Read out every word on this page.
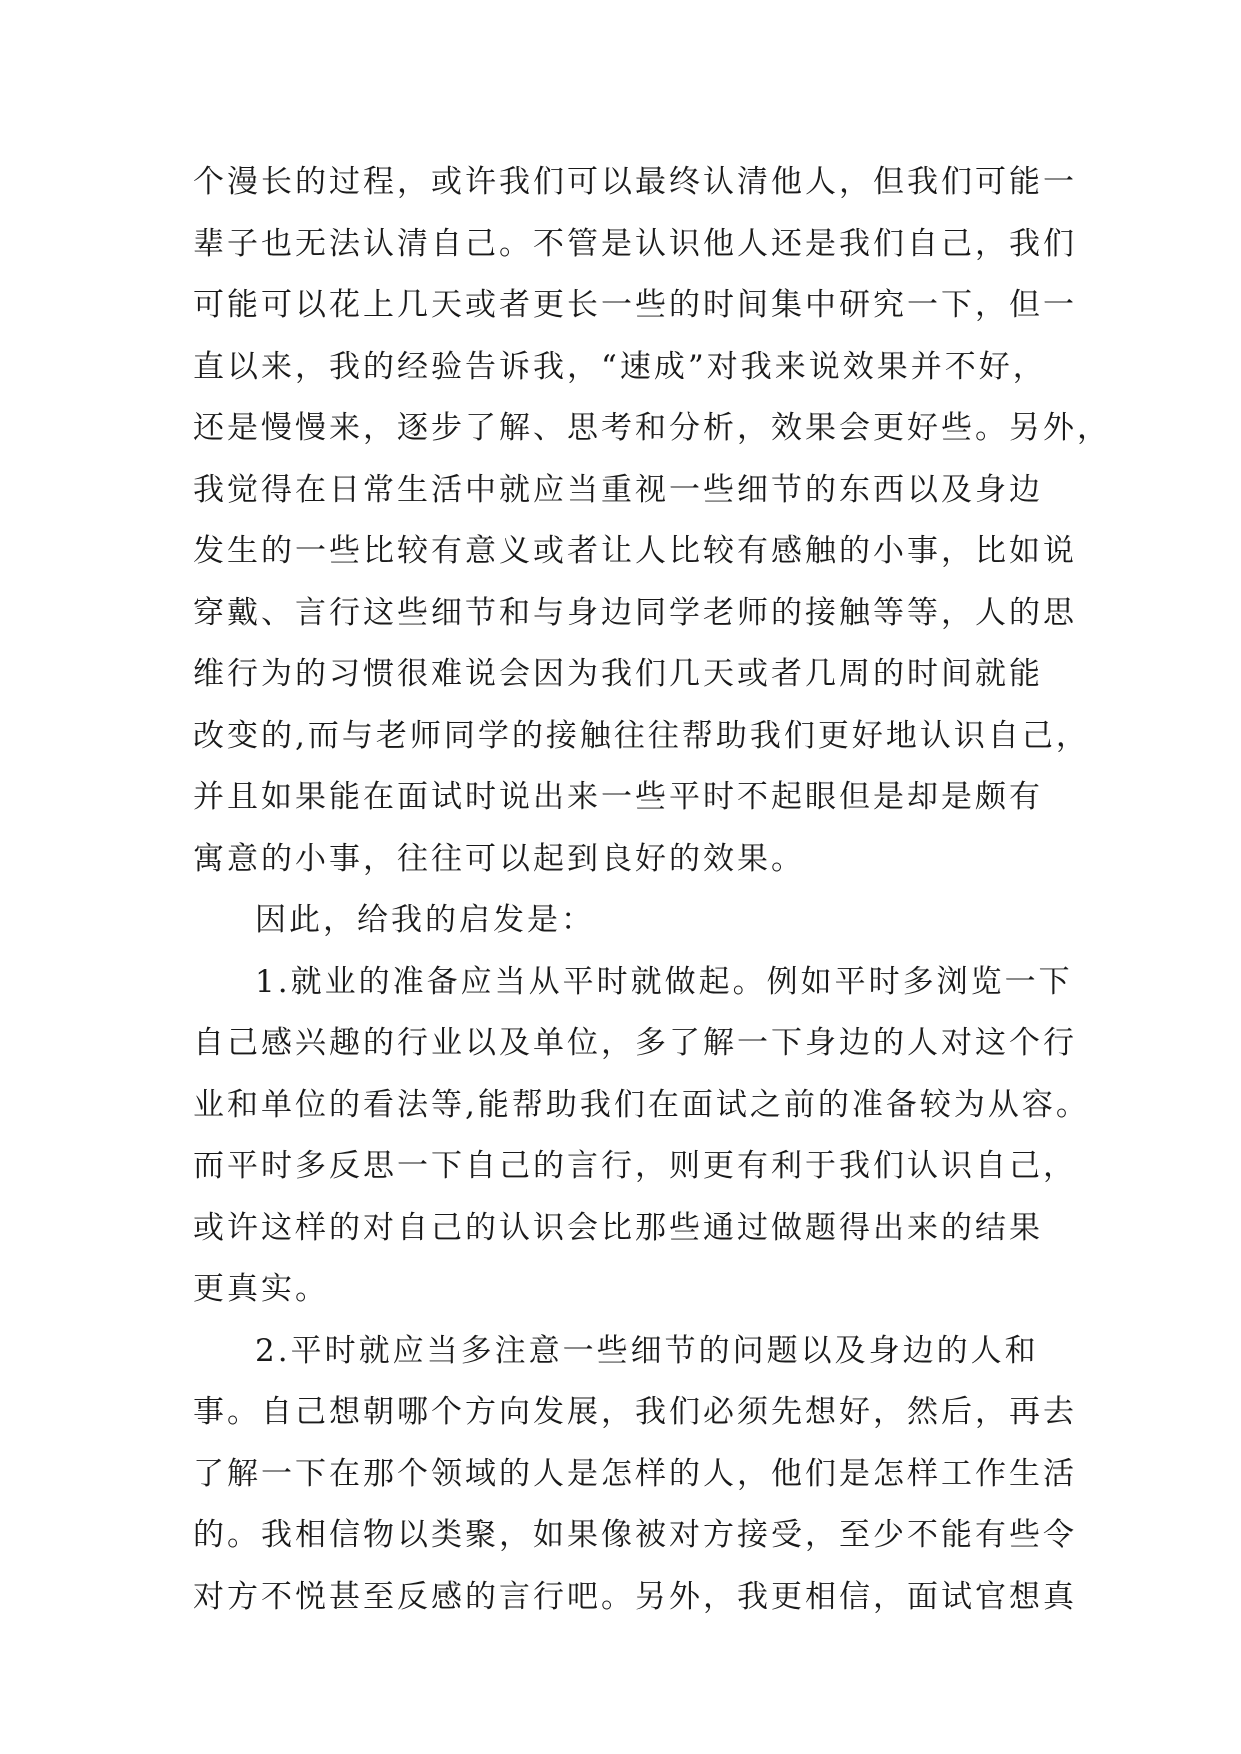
个漫长的过程，或许我们可以最终认清他人，但我们可能一
辈子也无法认清自己。不管是认识他人还是我们自己，我们
可能可以花上几天或者更长一些的时间集中研究一下，但一
直以来，我的经验告诉我，“速成”对我来说效果并不好，
还是慢慢来，逐步了解、思考和分析，效果会更好些。另外，
我觉得在日常生活中就应当重视一些细节的东西以及身边
发生的一些比较有意义或者让人比较有感触的小事，比如说
穿戴、言行这些细节和与身边同学老师的接触等等，人的思
维行为的习惯很难说会因为我们几天或者几周的时间就能
改变的,而与老师同学的接触往往帮助我们更好地认识自己，
并且如果能在面试时说出来一些平时不起眼但是却是颇有
寓意的小事，往往可以起到良好的效果。
因此，给我的启发是：
1.就业的准备应当从平时就做起。例如平时多浏览一下
自己感兴趣的行业以及单位，多了解一下身边的人对这个行
业和单位的看法等,能帮助我们在面试之前的准备较为从容。
而平时多反思一下自己的言行，则更有利于我们认识自己，
或许这样的对自己的认识会比那些通过做题得出来的结果
更真实。
2.平时就应当多注意一些细节的问题以及身边的人和
事。自己想朝哪个方向发展，我们必须先想好，然后，再去
了解一下在那个领域的人是怎样的人，他们是怎样工作生活
的。我相信物以类聚，如果像被对方接受，至少不能有些令
对方不悦甚至反感的言行吧。另外，我更相信，面试官想真
